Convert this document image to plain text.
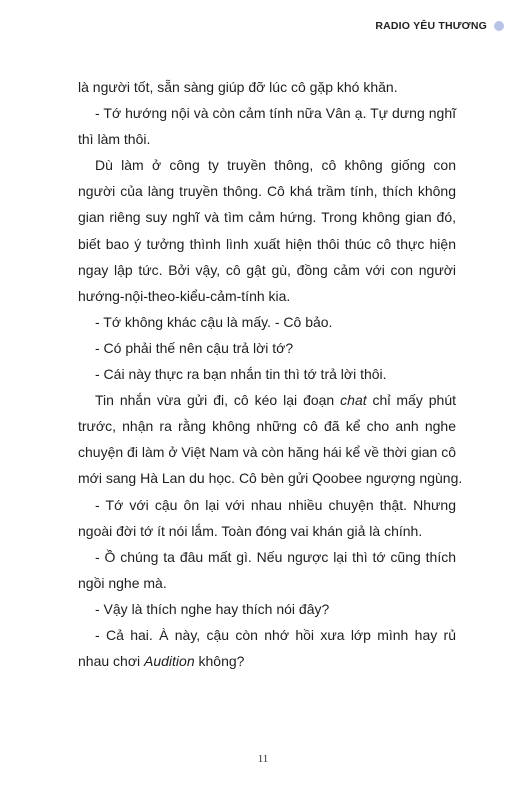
RADIO YÊU THƯƠNG
là người tốt, sẵn sàng giúp đỡ lúc cô gặp khó khăn.
- Tớ hướng nội và còn cảm tính nữa Vân ạ. Tự dưng nghĩ
thì làm thôi.
Dù làm ở công ty truyền thông, cô không giống con
người của làng truyền thông. Cô khá trầm tính, thích không
gian riêng suy nghĩ và tìm cảm hứng. Trong không gian đó,
biết bao ý tưởng thình lình xuất hiện thôi thúc cô thực hiện
ngay lập tức. Bởi vậy, cô gật gù, đồng cảm với con người
hướng-nội-theo-kiểu-cảm-tính kia.
- Tớ không khác cậu là mấy. - Cô bảo.
- Có phải thế nên cậu trả lời tớ?
- Cái này thực ra bạn nhắn tin thì tớ trả lời thôi.
Tin nhắn vừa gửi đi, cô kéo lại đoạn chat chỉ mấy phút
trước, nhận ra rằng không những cô đã kể cho anh nghe
chuyện đi làm ở Việt Nam và còn hăng hái kể về thời gian cô
mới sang Hà Lan du học. Cô bèn gửi Qoobee ngượng ngùng.
- Tớ với cậu ôn lại với nhau nhiều chuyện thật. Nhưng
ngoài đời tớ ít nói lắm. Toàn đóng vai khán giả là chính.
- Ồ chúng ta đâu mất gì. Nếu ngược lại thì tớ cũng thích
ngồi nghe mà.
- Vậy là thích nghe hay thích nói đây?
- Cả hai. À này, cậu còn nhớ hồi xưa lớp mình hay rủ
nhau chơi Audition không?
11
